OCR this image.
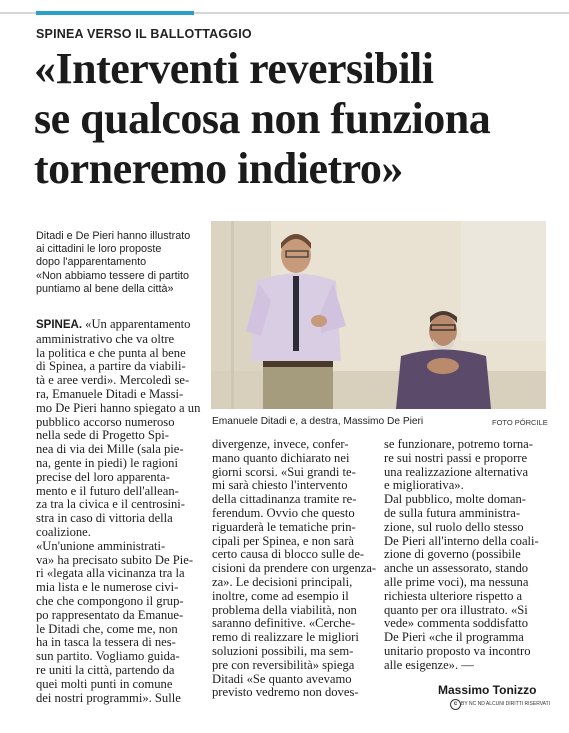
SPINEA VERSO IL BALLOTTAGGIO
«Interventi reversibili
se qualcosa non funziona
torneremo indietro»
Ditadi e De Pieri hanno illustrato
ai cittadini le loro proposte
dopo l'apparentamento
«Non abbiamo tessere di partito
puntiamo al bene della città»
Emanuele Ditadi e, a destra, Massimo De Pieri	FOTO PÓRCILE
SPINEA. «Un apparentamento
amministrativo che va oltre
la politica e che punta al bene
di Spinea, a partire da viabili-
tà e aree verdi». Mercoledì se-
ra, Emanuele Ditadi e Massi-
mo De Pieri hanno spiegato a un
pubblico accorso numeroso
nella sede di Progetto Spi-
nea di via dei Mille (sala pie-
na, gente in piedi) le ragioni
precise del loro apparenta-
mento e il futuro dell'allean-
za tra la civica e il centrosini-
stra in caso di vittoria della
coalizione.
«Un'unione amministrati-
va» ha precisato subito De Pie-
ri «legata alla vicinanza tra la
mia lista e le numerose civi-
che che compongono il grup-
po rappresentato da Emanue-
le Ditadi che, come me, non
ha in tasca la tessera di nes-
sun partito. Vogliamo guida-
re uniti la città, partendo da
quei molti punti in comune
dei nostri programmi». Sulle
divergenze, invece, confer-
mano quanto dichiarato nei
giorni scorsi. «Sui grandi te-
mi sarà chiesto l'intervento
della cittadinanza tramite re-
ferendum. Ovvio che questo
riguarderà le tematiche prin-
cipali per Spinea, e non sarà
certo causa di blocco sulle de-
cisioni da prendere con urgenza-
za». Le decisioni principali,
inoltre, come ad esempio il
problema della viabilità, non
saranno definitive. «Cerche-
remo di realizzare le migliori
soluzioni possibili, ma sem-
pre con reversibilità» spiega
Ditadi «Se quanto avevamo
previsto vedremo non doves-
se funzionare, potremo torna-
re sui nostri passi e proporre
una realizzazione alternativa
e migliorativa».
Dal pubblico, molte doman-
de sulla futura amministra-
zione, sul ruolo dello stesso
De Pieri all'interno della coali-
zione di governo (possibile
anche un assessorato, stando
alle prime voci), ma nessuna
richiesta ulteriore rispetto a
quanto per ora illustrato. «Si
vede» commenta soddisfatto
De Pieri «che il programma
unitario proposto va incontro
alle esigenze». —
Massimo Tonizzo
c BY NC ND ALCUNI DIRITTI RISERVATI
